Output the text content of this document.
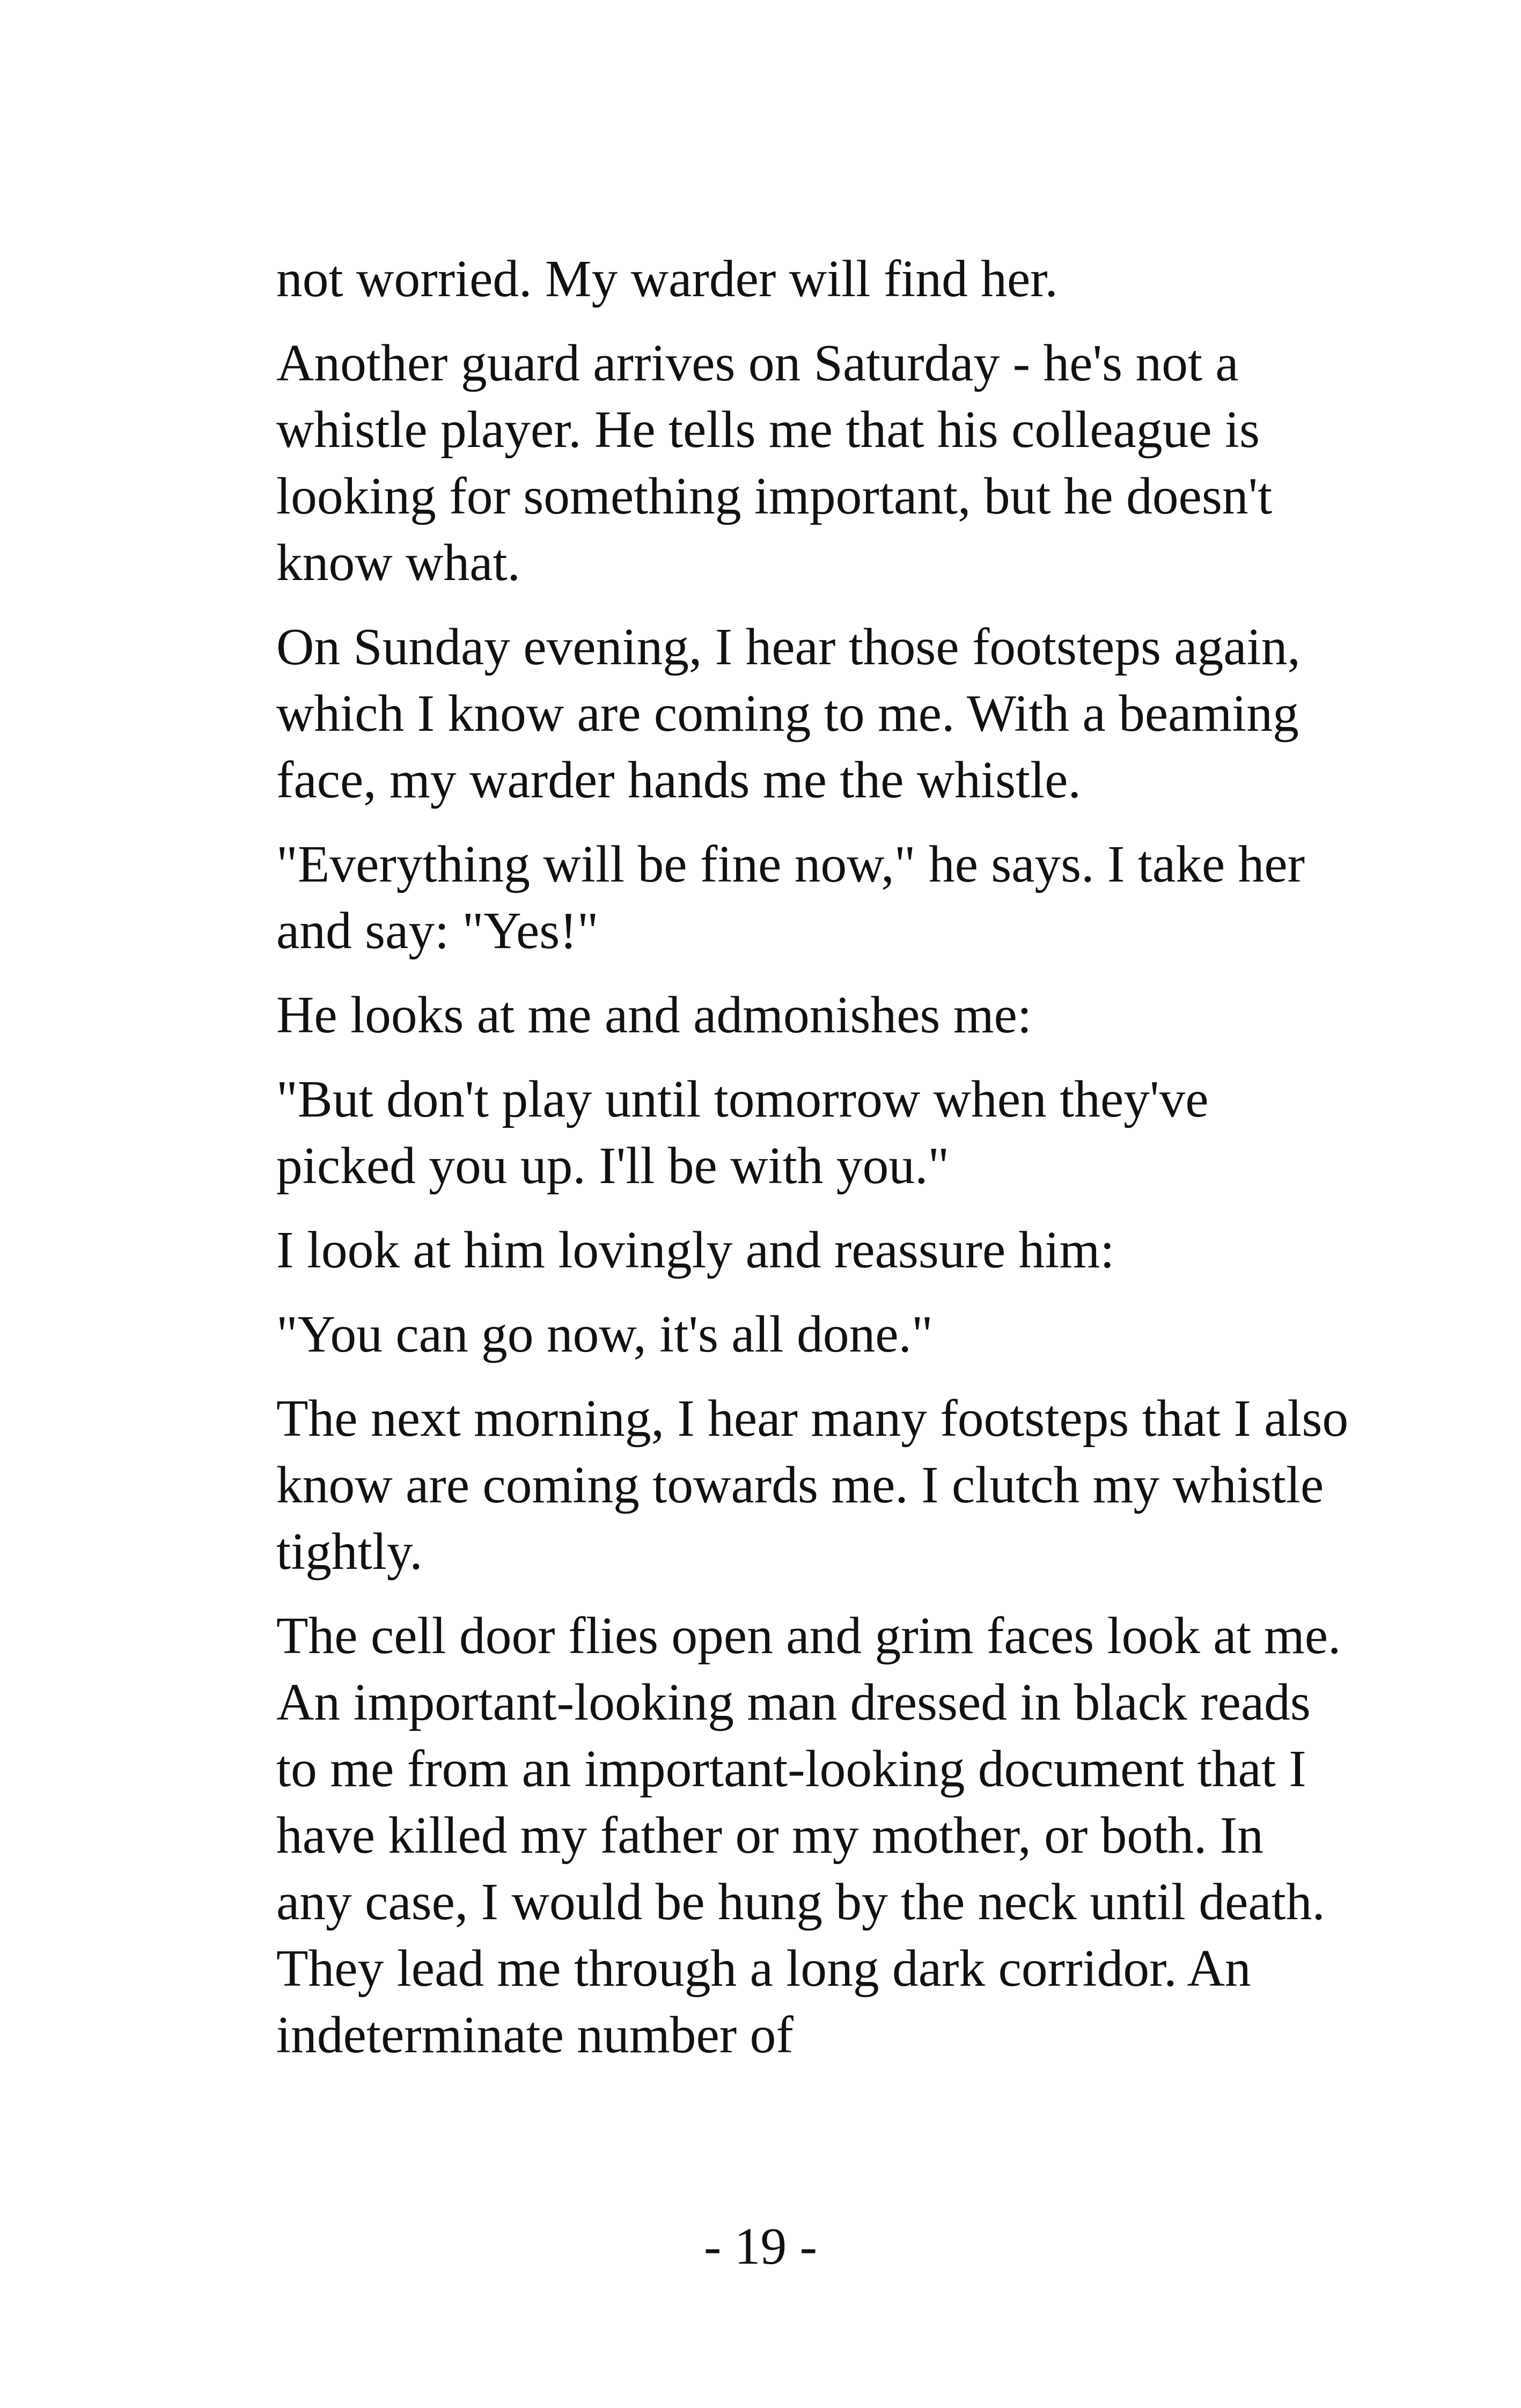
not worried. My warder will find her.

Another guard arrives on Saturday - he's not a whistle player. He tells me that his colleague is looking for something important, but he doesn't know what.

On Sunday evening, I hear those footsteps again, which I know are coming to me. With a beaming face, my warder hands me the whistle.

"Everything will be fine now," he says. I take her and say: "Yes!"

He looks at me and admonishes me:

"But don't play until tomorrow when they've picked you up. I'll be with you."

I look at him lovingly and reassure him:

"You can go now, it's all done."

The next morning, I hear many footsteps that I also know are coming towards me. I clutch my whistle tightly.

The cell door flies open and grim faces look at me. An important-looking man dressed in black reads to me from an important-looking document that I have killed my father or my mother, or both. In any case, I would be hung by the neck until death. They lead me through a long dark corridor. An indeterminate number of

- 19 -
